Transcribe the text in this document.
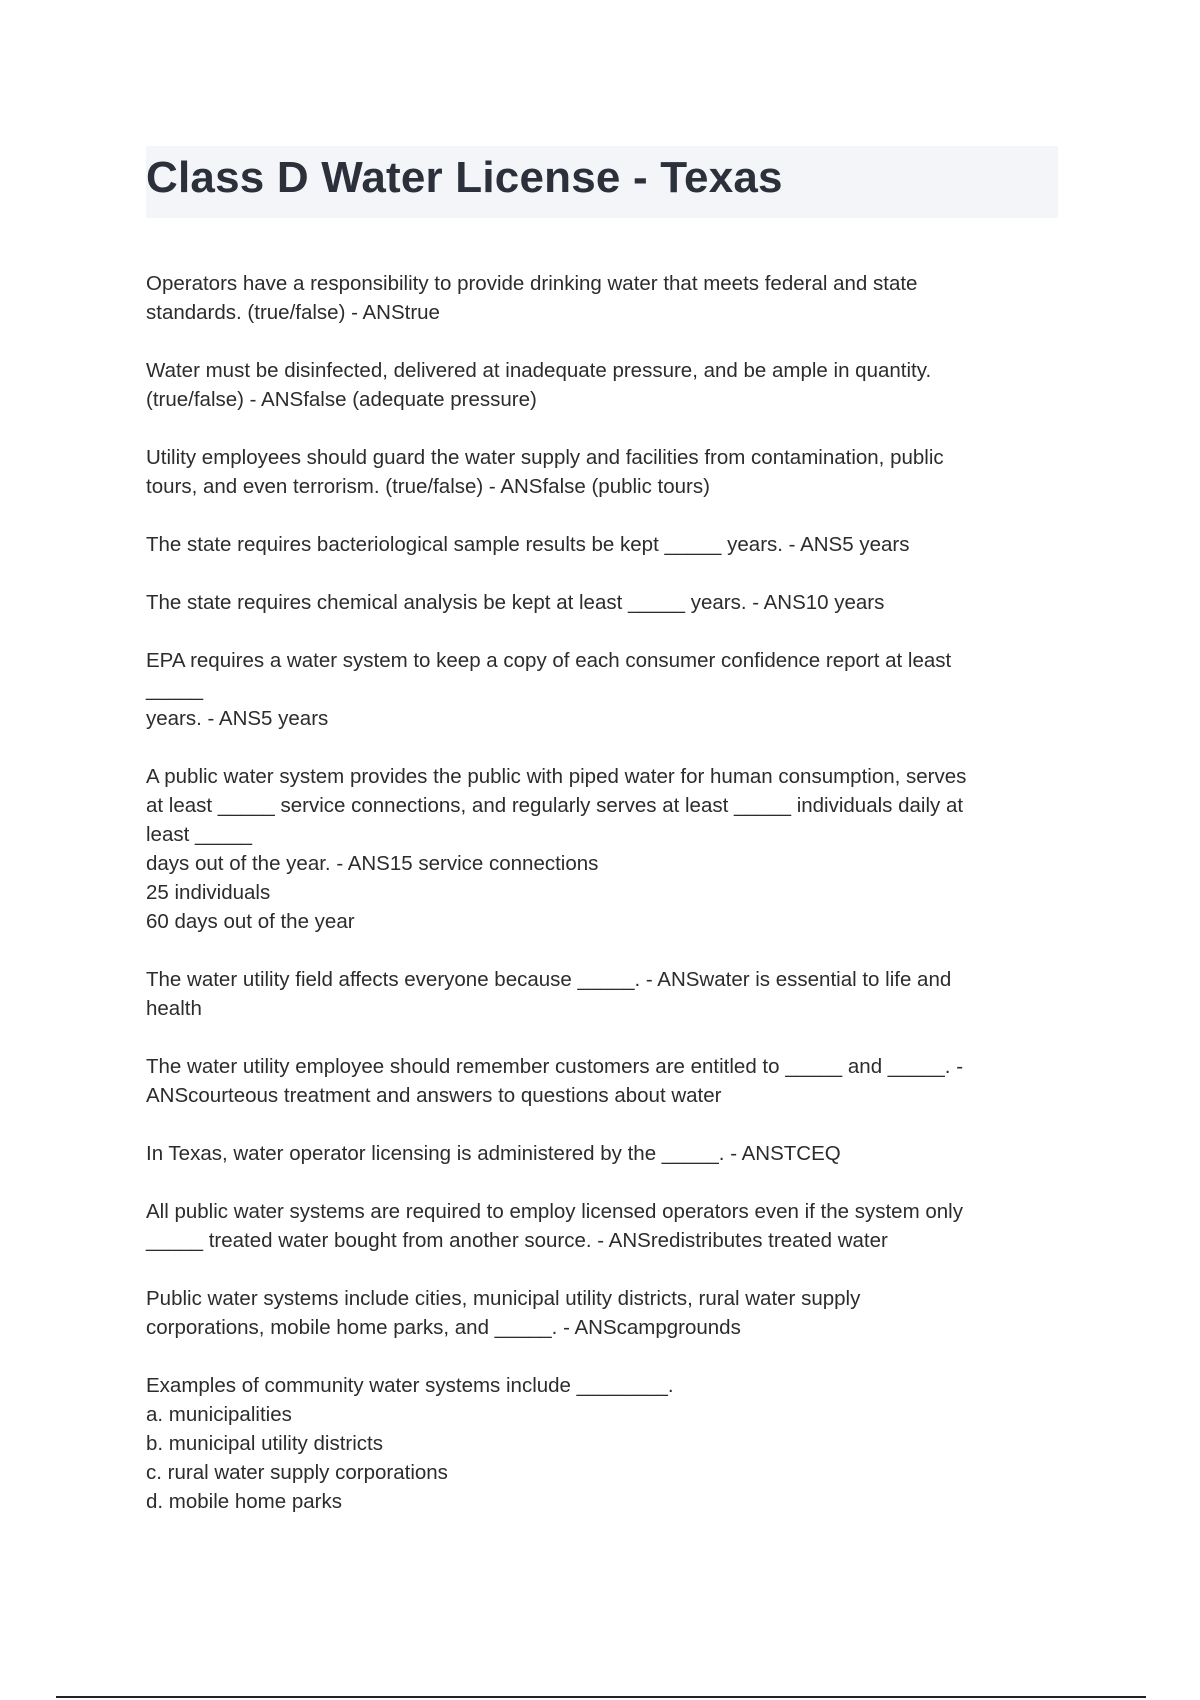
Class D Water License - Texas

Operators have a responsibility to provide drinking water that meets federal and state
standards. (true/false) - ANStrue

Water must be disinfected, delivered at inadequate pressure, and be ample in quantity.
(true/false) - ANSfalse (adequate pressure)

Utility employees should guard the water supply and facilities from contamination, public
tours, and even terrorism. (true/false) - ANSfalse (public tours)

The state requires bacteriological sample results be kept _____ years. - ANS5 years

The state requires chemical analysis be kept at least _____ years. - ANS10 years

EPA requires a water system to keep a copy of each consumer confidence report at least
_____
years. - ANS5 years

A public water system provides the public with piped water for human consumption, serves
at least _____ service connections, and regularly serves at least _____ individuals daily at
least _____
days out of the year. - ANS15 service connections
25 individuals
60 days out of the year

The water utility field affects everyone because _____. - ANSwater is essential to life and
health

The water utility employee should remember customers are entitled to _____ and _____. -
ANScourteous treatment and answers to questions about water

In Texas, water operator licensing is administered by the _____. - ANSTCEQ

All public water systems are required to employ licensed operators even if the system only
_____ treated water bought from another source. - ANSredistributes treated water

Public water systems include cities, municipal utility districts, rural water supply
corporations, mobile home parks, and _____. - ANScampgrounds

Examples of community water systems include ________.
a. municipalities
b. municipal utility districts
c. rural water supply corporations
d. mobile home parks
